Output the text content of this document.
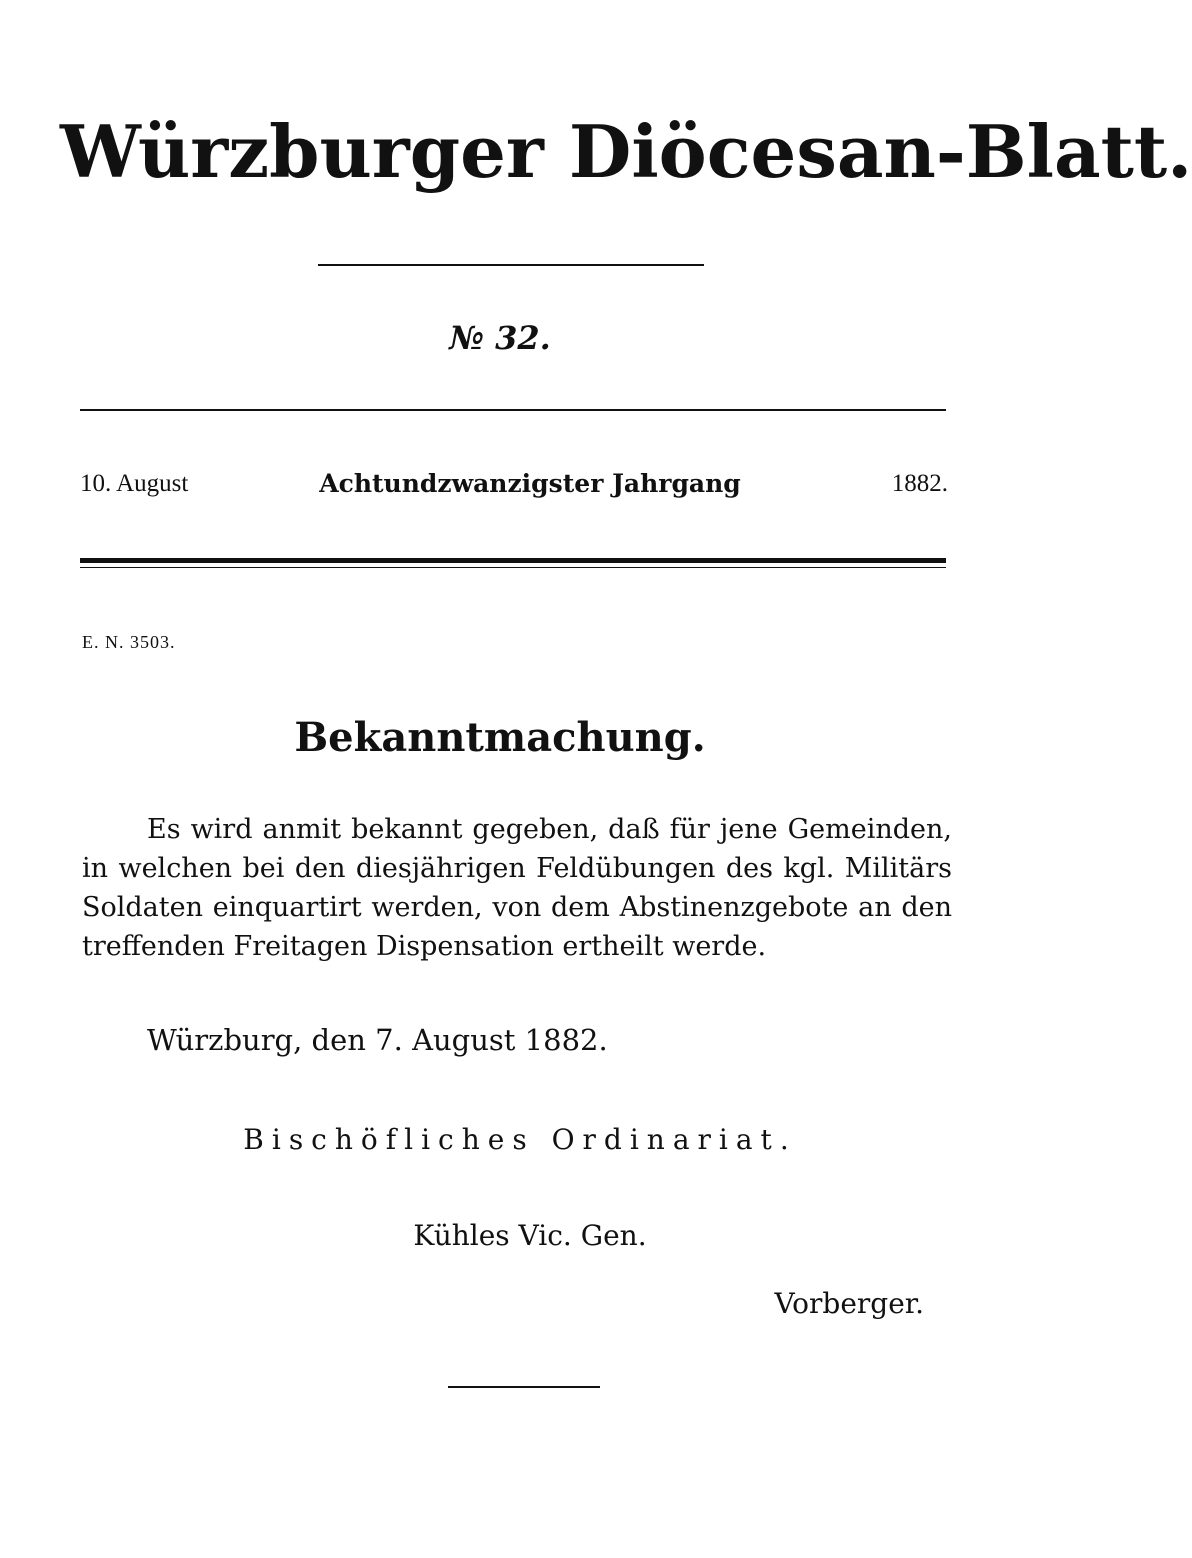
Würzburger Diöcesan-Blatt.
№ 32.
10. August	Achtundzwanzigster Jahrgang	1882.
E. N. 3503.
Bekanntmachung.

Es wird anmit bekannt gegeben, daß für jene Gemeinden, in welchen bei den diesjährigen Feldübungen des kgl. Militärs Soldaten einquartirt werden, von dem Abstinenzgebote an den treffenden Freitagen Dispensation ertheilt werde.

Würzburg, den 7. August 1882.
Bischöfliches Ordinariat.
Kühles Vic. Gen.
Vorberger.
